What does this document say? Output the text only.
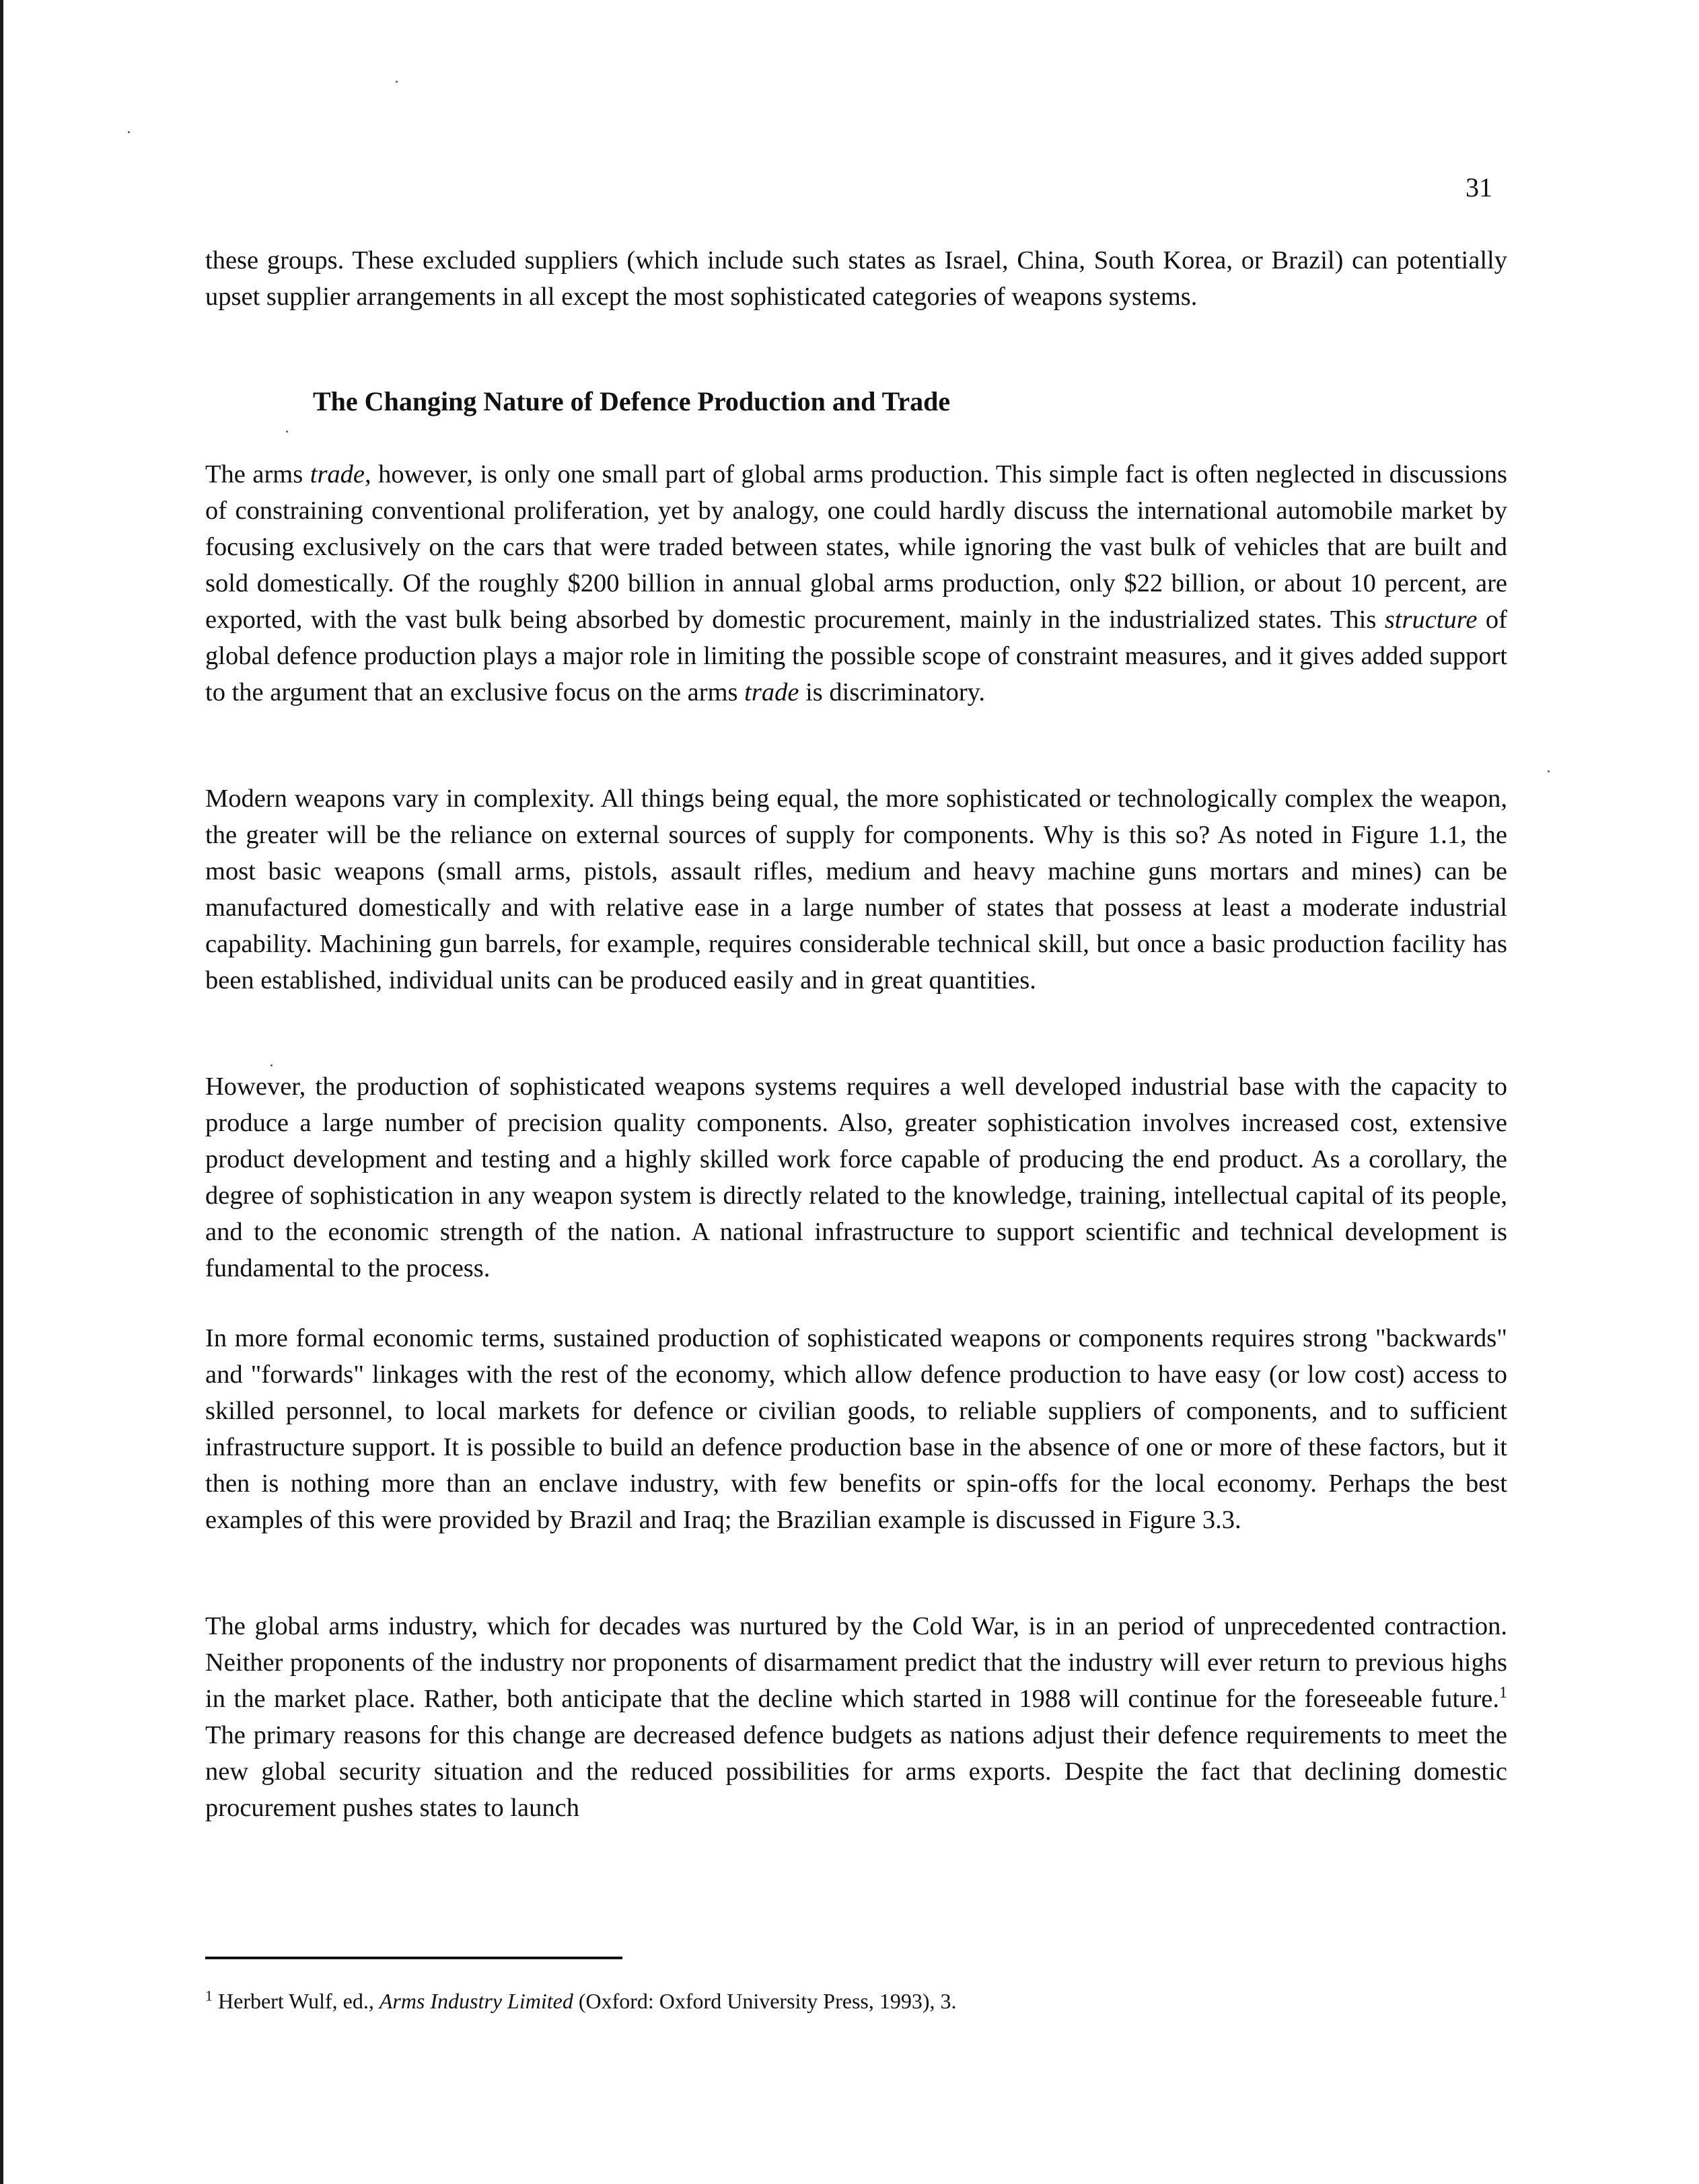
31

these groups. These excluded suppliers (which include such states as Israel, China, South Korea, or Brazil) can potentially upset supplier arrangements in all except the most sophisticated categories of weapons systems.

The Changing Nature of Defence Production and Trade

The arms trade, however, is only one small part of global arms production. This simple fact is often neglected in discussions of constraining conventional proliferation, yet by analogy, one could hardly discuss the international automobile market by focusing exclusively on the cars that were traded between states, while ignoring the vast bulk of vehicles that are built and sold domestically. Of the roughly $200 billion in annual global arms production, only $22 billion, or about 10 percent, are exported, with the vast bulk being absorbed by domestic procurement, mainly in the industrialized states. This structure of global defence production plays a major role in limiting the possible scope of constraint measures, and it gives added support to the argument that an exclusive focus on the arms trade is discriminatory.

Modern weapons vary in complexity. All things being equal, the more sophisticated or technologically complex the weapon, the greater will be the reliance on external sources of supply for components. Why is this so? As noted in Figure 1.1, the most basic weapons (small arms, pistols, assault rifles, medium and heavy machine guns mortars and mines) can be manufactured domestically and with relative ease in a large number of states that possess at least a moderate industrial capability. Machining gun barrels, for example, requires considerable technical skill, but once a basic production facility has been established, individual units can be produced easily and in great quantities.

However, the production of sophisticated weapons systems requires a well developed industrial base with the capacity to produce a large number of precision quality components. Also, greater sophistication involves increased cost, extensive product development and testing and a highly skilled work force capable of producing the end product. As a corollary, the degree of sophistication in any weapon system is directly related to the knowledge, training, intellectual capital of its people, and to the economic strength of the nation. A national infrastructure to support scientific and technical development is fundamental to the process.

In more formal economic terms, sustained production of sophisticated weapons or components requires strong "backwards" and "forwards" linkages with the rest of the economy, which allow defence production to have easy (or low cost) access to skilled personnel, to local markets for defence or civilian goods, to reliable suppliers of components, and to sufficient infrastructure support. It is possible to build an defence production base in the absence of one or more of these factors, but it then is nothing more than an enclave industry, with few benefits or spin-offs for the local economy. Perhaps the best examples of this were provided by Brazil and Iraq; the Brazilian example is discussed in Figure 3.3.

The global arms industry, which for decades was nurtured by the Cold War, is in an period of unprecedented contraction. Neither proponents of the industry nor proponents of disarmament predict that the industry will ever return to previous highs in the market place. Rather, both anticipate that the decline which started in 1988 will continue for the foreseeable future.$^1$ The primary reasons for this change are decreased defence budgets as nations adjust their defence requirements to meet the new global security situation and the reduced possibilities for arms exports. Despite the fact that declining domestic procurement pushes states to launch

$^1$ Herbert Wulf, ed., Arms Industry Limited (Oxford: Oxford University Press, 1993), 3.
